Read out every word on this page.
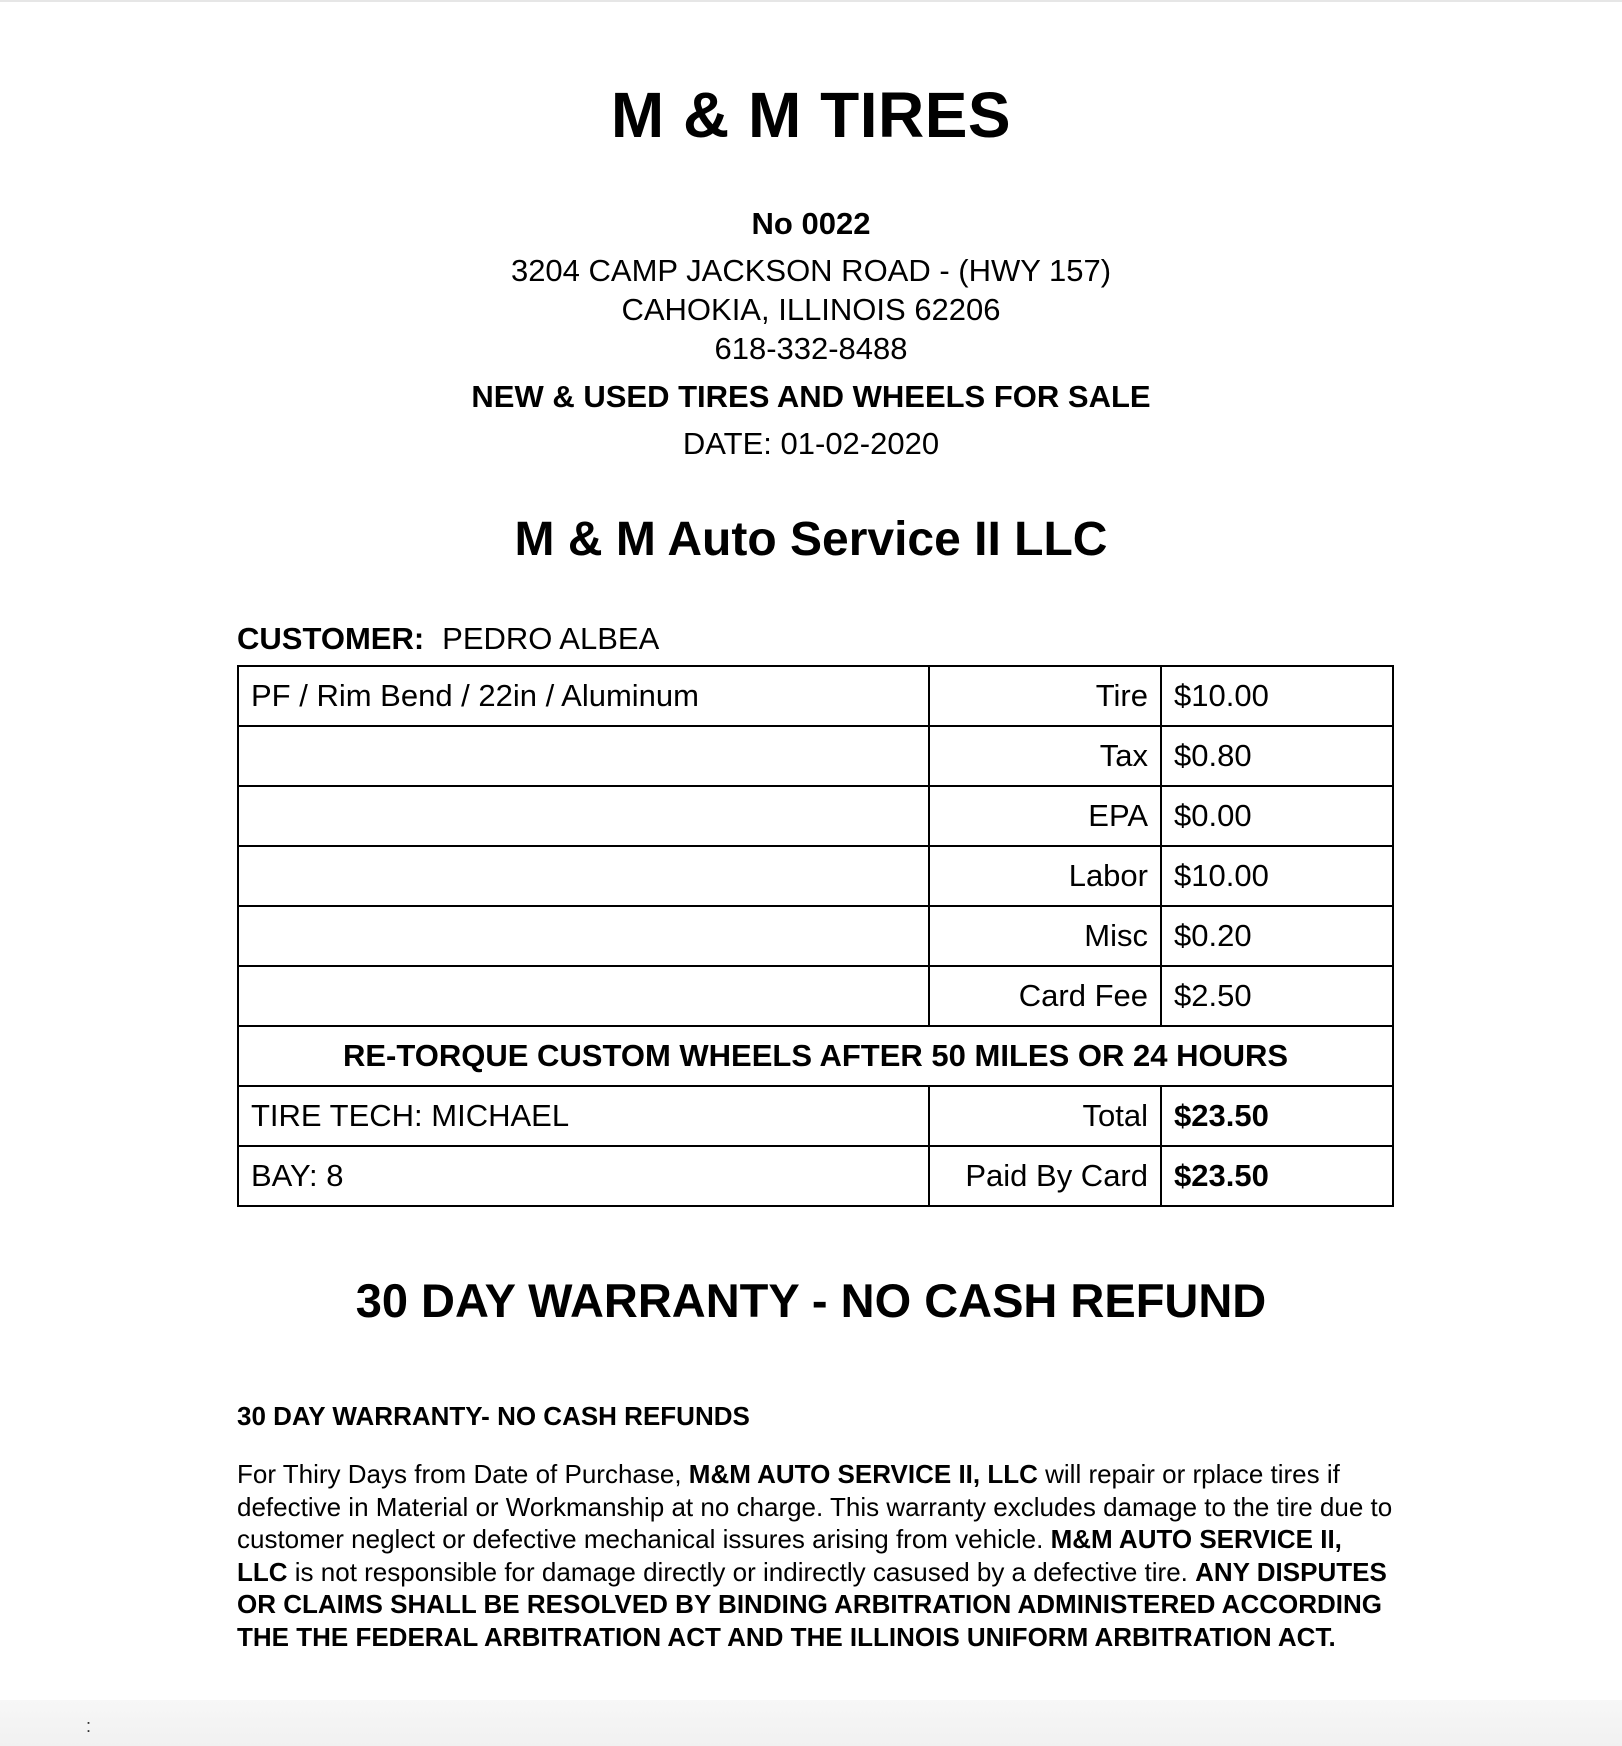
M & M TIRES
No 0022
3204 CAMP JACKSON ROAD - (HWY 157)
CAHOKIA, ILLINOIS 62206
618-332-8488
NEW & USED TIRES AND WHEELS FOR SALE
DATE: 01-02-2020
M & M Auto Service II LLC
CUSTOMER: PEDRO ALBEA
PF / Rim Bend / 22in / Aluminum	Tire	$10.00
	Tax	$0.80
	EPA	$0.00
	Labor	$10.00
	Misc	$0.20
	Card Fee	$2.50
RE-TORQUE CUSTOM WHEELS AFTER 50 MILES OR 24 HOURS		
TIRE TECH: MICHAEL	Total	$23.50
BAY: 8	Paid By Card	$23.50
30 DAY WARRANTY - NO CASH REFUND
30 DAY WARRANTY- NO CASH REFUNDS
For Thiry Days from Date of Purchase, M&M AUTO SERVICE II, LLC will repair or rplace tires if defective in Material or Workmanship at no charge. This warranty excludes damage to the tire due to customer neglect or defective mechanical issures arising from vehicle. M&M AUTO SERVICE II, LLC is not responsible for damage directly or indirectly casused by a defective tire. ANY DISPUTES OR CLAIMS SHALL BE RESOLVED BY BINDING ARBITRATION ADMINISTERED ACCORDING THE THE FEDERAL ARBITRATION ACT AND THE ILLINOIS UNIFORM ARBITRATION ACT.
:
